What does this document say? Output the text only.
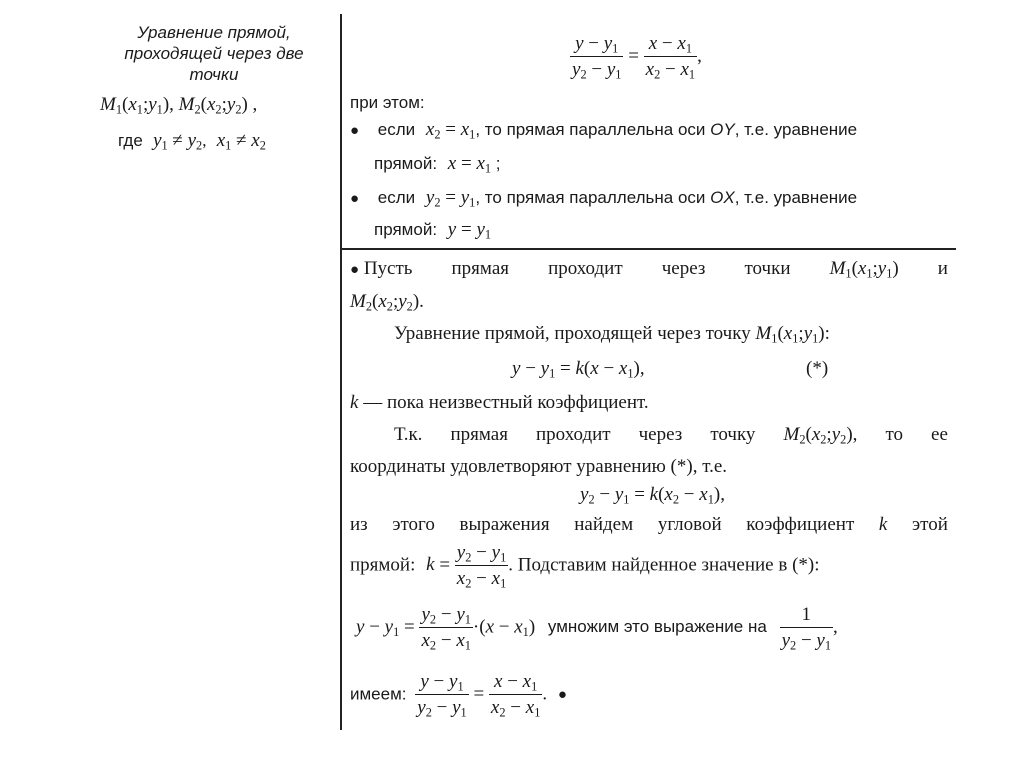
Уравнение прямой,
проходящей через две
точки
$M_1(x_1;y_1)$, $M_2(x_2;y_2)$ ,
где $y_1 \ne y_2$, $x_1 \ne x_2$
$\frac{y - y_1}{y_2 - y_1} = \frac{x - x_1}{x_2 - x_1}$ ,
при этом:
● если $x_2 = x_1$, то прямая параллельна оси OY, т.е. уравнение
прямой: $x = x_1$ ;
● если $y_2 = y_1$, то прямая параллельна оси OX, т.е. уравнение
прямой: $y = y_1$
● Пусть прямая проходит через точки $M_1(x_1;y_1)$ и
$M_2(x_2;y_2)$.
Уравнение прямой, проходящей через точку $M_1(x_1;y_1)$:
$y - y_1 = k(x - x_1)$,	(*)
k — пока неизвестный коэффициент.
Т.к. прямая проходит через точку $M_2(x_2;y_2)$, то ее
координаты удовлетворяют уравнению (*), т.е.
$y_2 - y_1 = k(x_2 - x_1)$,
из этого выражения найдем угловой коэффициент k этой
прямой: $k = \frac{y_2 - y_1}{x_2 - x_1}$ . Подставим найденное значение в (*):
$y - y_1 = \frac{y_2 - y_1}{x_2 - x_1} \cdot(x - x_1)$ умножим это выражение на $\frac{1}{y_2 - y_1}$ ,
имеем: $\frac{y - y_1}{y_2 - y_1} = \frac{x - x_1}{x_2 - x_1}$ . ●
